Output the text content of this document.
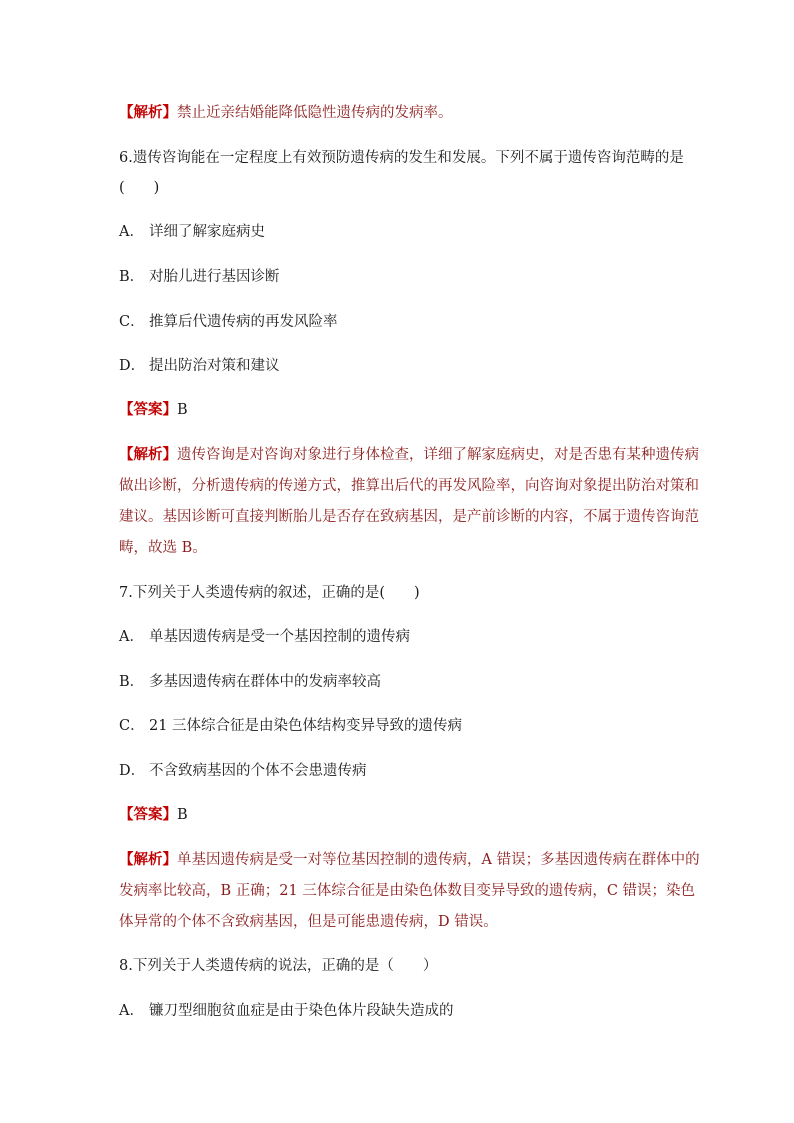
【解析】禁止近亲结婚能降低隐性遗传病的发病率。
6.遗传咨询能在一定程度上有效预防遗传病的发生和发展。下列不属于遗传咨询范畴的是
(　　)
A． 详细了解家庭病史
B． 对胎儿进行基因诊断
C． 推算后代遗传病的再发风险率
D． 提出防治对策和建议
【答案】B
【解析】遗传咨询是对咨询对象进行身体检查，详细了解家庭病史，对是否患有某种遗传病
做出诊断，分析遗传病的传递方式，推算出后代的再发风险率，向咨询对象提出防治对策和
建议。基因诊断可直接判断胎儿是否存在致病基因，是产前诊断的内容，不属于遗传咨询范
畴，故选 B。
7.下列关于人类遗传病的叙述，正确的是(　　)
A． 单基因遗传病是受一个基因控制的遗传病
B． 多基因遗传病在群体中的发病率较高
C． 21 三体综合征是由染色体结构变异导致的遗传病
D． 不含致病基因的个体不会患遗传病
【答案】B
【解析】单基因遗传病是受一对等位基因控制的遗传病，A 错误；多基因遗传病在群体中的
发病率比较高，B 正确；21 三体综合征是由染色体数目变异导致的遗传病，C 错误；染色
体异常的个体不含致病基因，但是可能患遗传病，D 错误。
8.下列关于人类遗传病的说法，正确的是（　　）
A． 镰刀型细胞贫血症是由于染色体片段缺失造成的
